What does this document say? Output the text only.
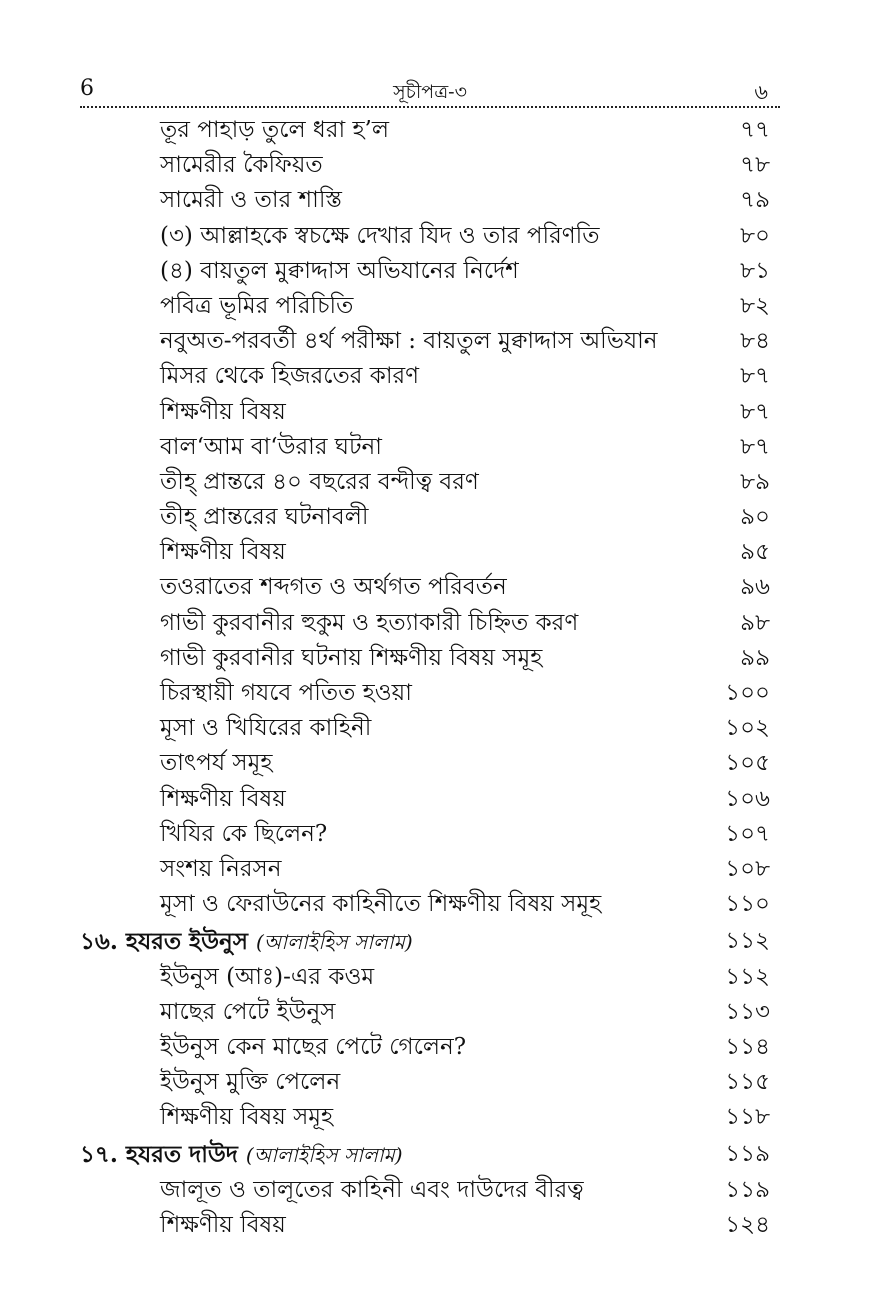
6	সূচীপত্র-৩	৬
তূর পাহাড় তুলে ধরা হ’ল	৭৭
সামেরীর কৈফিয়ত	৭৮
সামেরী ও তার শাস্তি	৭৯
(৩) আল্লাহকে স্বচক্ষে দেখার যিদ ও তার পরিণতি	৮০
(৪) বায়তুল মুক্বাদ্দাস অভিযানের নির্দেশ	৮১
পবিত্র ভূমির পরিচিতি	৮২
নবুঅত-পরবর্তী ৪র্থ পরীক্ষা : বায়তুল মুক্বাদ্দাস অভিযান	৮৪
মিসর থেকে হিজরতের কারণ	৮৭
শিক্ষণীয় বিষয়	৮৭
বাল‘আম বা‘উরার ঘটনা	৮৭
তীহ্ প্রান্তরে ৪০ বছরের বন্দীত্ব বরণ	৮৯
তীহ্ প্রান্তরের ঘটনাবলী	৯০
শিক্ষণীয় বিষয়	৯৫
তওরাতের শব্দগত ও অর্থগত পরিবর্তন	৯৬
গাভী কুরবানীর হুকুম ও হত্যাকারী চিহ্নিত করণ	৯৮
গাভী কুরবানীর ঘটনায় শিক্ষণীয় বিষয় সমূহ	৯৯
চিরস্থায়ী গযবে পতিত হওয়া	১০০
মূসা ও খিযিরের কাহিনী	১০২
তাৎপর্য সমূহ	১০৫
শিক্ষণীয় বিষয়	১০৬
খিযির কে ছিলেন?	১০৭
সংশয় নিরসন	১০৮
মূসা ও ফেরাউনের কাহিনীতে শিক্ষণীয় বিষয় সমূহ	১১০
১৬. হযরত ইউনুস (আলাইহিস সালাম)	১১২
ইউনুস (আঃ)-এর কওম	১১২
মাছের পেটে ইউনুস	১১৩
ইউনুস কেন মাছের পেটে গেলেন?	১১৪
ইউনুস মুক্তি পেলেন	১১৫
শিক্ষণীয় বিষয় সমূহ	১১৮
১৭. হযরত দাউদ (আলাইহিস সালাম)	১১৯
জালূত ও তালূতের কাহিনী এবং দাউদের বীরত্ব	১১৯
শিক্ষণীয় বিষয়	১২৪
